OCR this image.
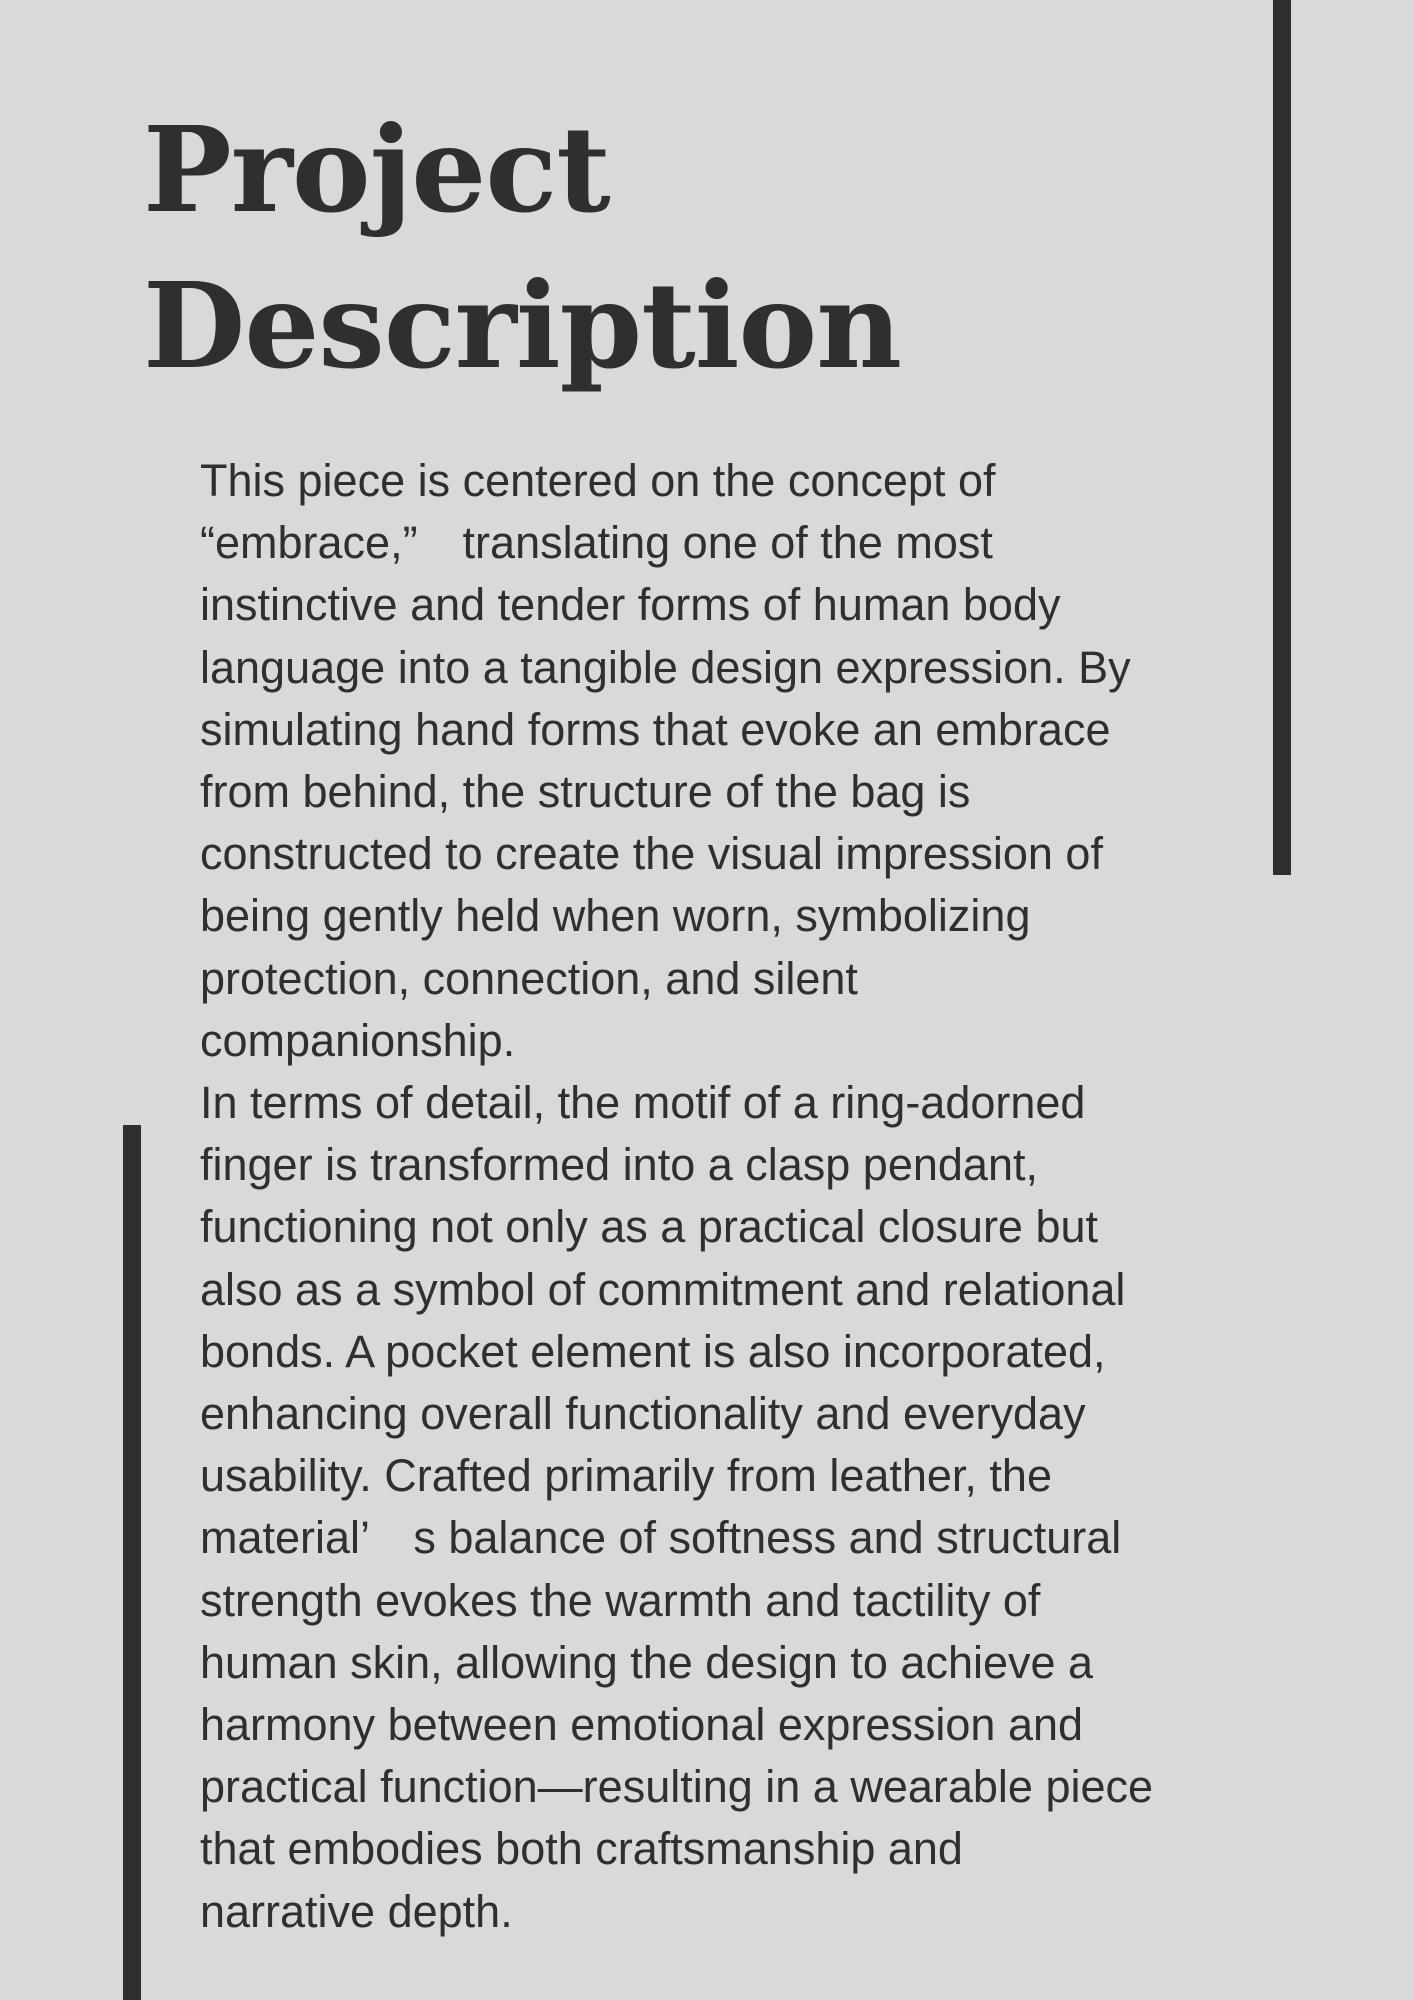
Project
Description
This piece is centered on the concept of
“embrace,”　translating one of the most
instinctive and tender forms of human body
language into a tangible design expression. By
simulating hand forms that evoke an embrace
from behind, the structure of the bag is
constructed to create the visual impression of
being gently held when worn, symbolizing
protection, connection, and silent
companionship.
In terms of detail, the motif of a ring-adorned
finger is transformed into a clasp pendant,
functioning not only as a practical closure but
also as a symbol of commitment and relational
bonds. A pocket element is also incorporated,
enhancing overall functionality and everyday
usability. Crafted primarily from leather, the
material’　s balance of softness and structural
strength evokes the warmth and tactility of
human skin, allowing the design to achieve a
harmony between emotional expression and
practical function—resulting in a wearable piece
that embodies both craftsmanship and
narrative depth.
